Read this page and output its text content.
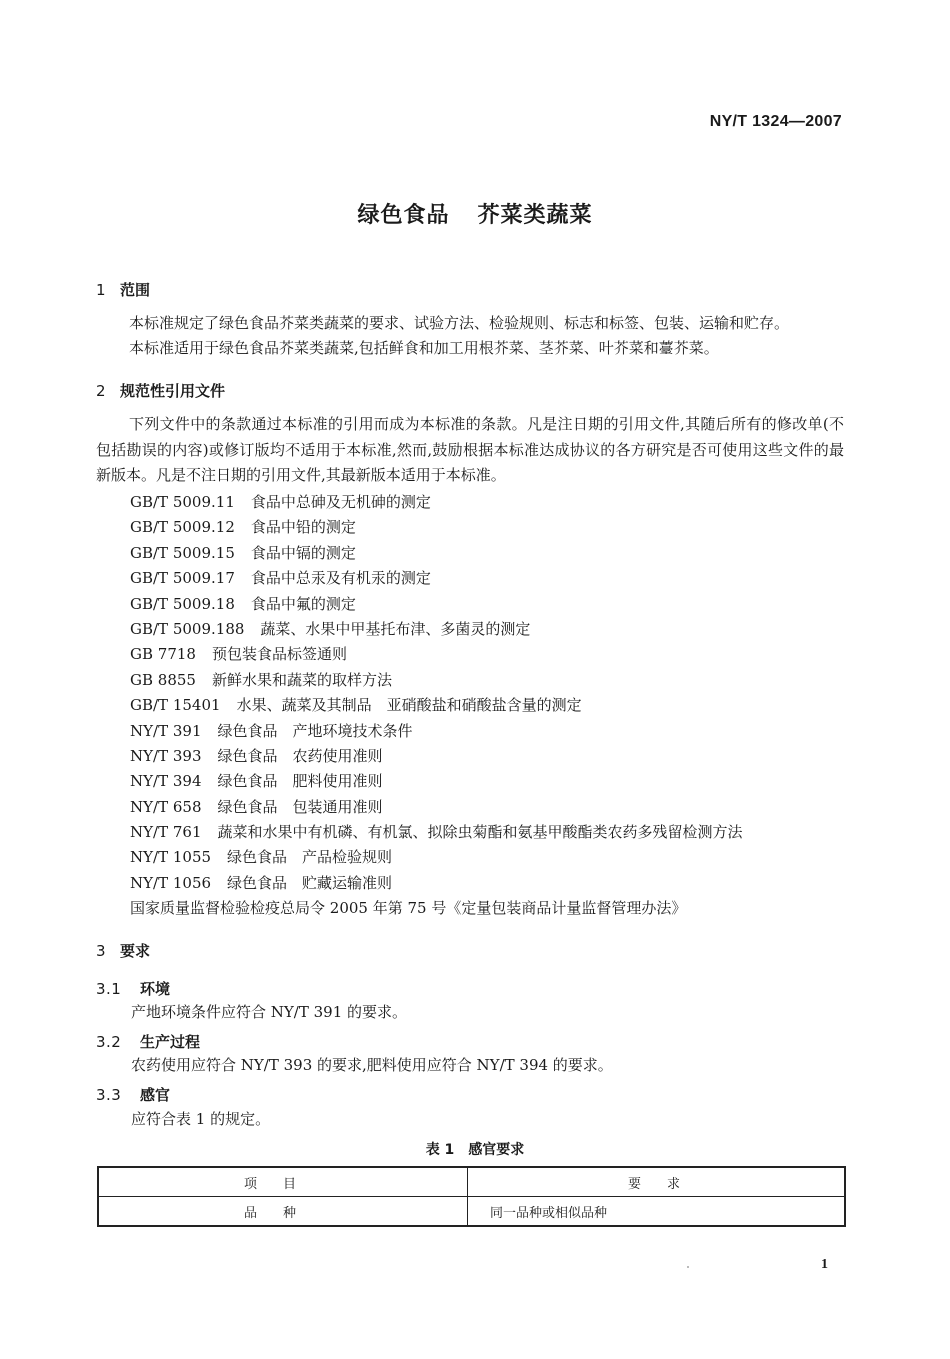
NY/T 1324—2007
绿色食品 芥菜类蔬菜
1 范围
本标准规定了绿色食品芥菜类蔬菜的要求、试验方法、检验规则、标志和标签、包装、运输和贮存。
本标准适用于绿色食品芥菜类蔬菜,包括鲜食和加工用根芥菜、茎芥菜、叶芥菜和薹芥菜。
2 规范性引用文件
下列文件中的条款通过本标准的引用而成为本标准的条款。凡是注日期的引用文件,其随后所有的修改单(不包括勘误的内容)或修订版均不适用于本标准,然而,鼓励根据本标准达成协议的各方研究是否可使用这些文件的最新版本。凡是不注日期的引用文件,其最新版本适用于本标准。
GB/T 5009.11 食品中总砷及无机砷的测定
GB/T 5009.12 食品中铅的测定
GB/T 5009.15 食品中镉的测定
GB/T 5009.17 食品中总汞及有机汞的测定
GB/T 5009.18 食品中氟的测定
GB/T 5009.188 蔬菜、水果中甲基托布津、多菌灵的测定
GB 7718 预包装食品标签通则
GB 8855 新鲜水果和蔬菜的取样方法
GB/T 15401 水果、蔬菜及其制品　亚硝酸盐和硝酸盐含量的测定
NY/T 391 绿色食品　产地环境技术条件
NY/T 393 绿色食品　农药使用准则
NY/T 394 绿色食品　肥料使用准则
NY/T 658 绿色食品　包装通用准则
NY/T 761 蔬菜和水果中有机磷、有机氯、拟除虫菊酯和氨基甲酸酯类农药多残留检测方法
NY/T 1055 绿色食品　产品检验规则
NY/T 1056 绿色食品　贮藏运输准则
国家质量监督检验检疫总局令 2005 年第 75 号《定量包装商品计量监督管理办法》
3 要求
3.1 环境
产地环境条件应符合 NY/T 391 的要求。
3.2 生产过程
农药使用应符合 NY/T 393 的要求,肥料使用应符合 NY/T 394 的要求。
3.3 感官
应符合表 1 的规定。
表 1 感官要求
项目	要求
品种	同一品种或相似品种
1
